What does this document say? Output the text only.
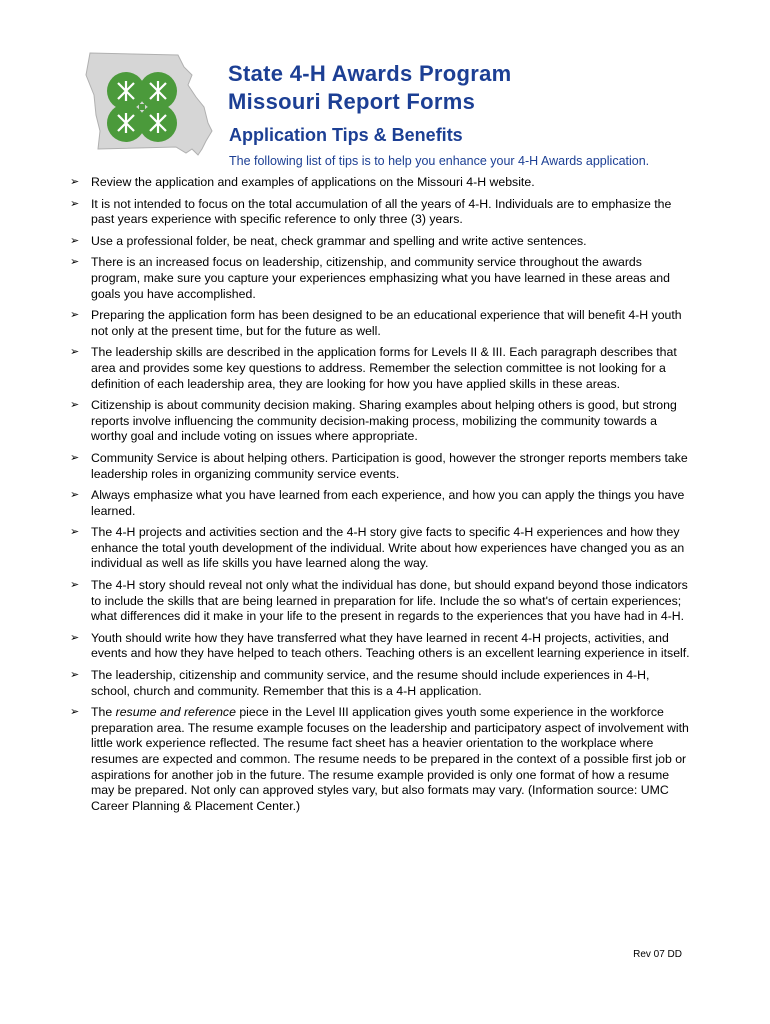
State 4-H Awards Program
Missouri Report Forms
Application Tips & Benefits

The following list of tips is to help you enhance your 4-H Awards application.

➢ Review the application and examples of applications on the Missouri 4-H website.
➢ It is not intended to focus on the total accumulation of all the years of 4-H. Individuals are to emphasize the past years experience with specific reference to only three (3) years.
➢ Use a professional folder, be neat, check grammar and spelling and write active sentences.
➢ There is an increased focus on leadership, citizenship, and community service throughout the awards program, make sure you capture your experiences emphasizing what you have learned in these areas and goals you have accomplished.
➢ Preparing the application form has been designed to be an educational experience that will benefit 4-H youth not only at the present time, but for the future as well.
➢ The leadership skills are described in the application forms for Levels II & III. Each paragraph describes that area and provides some key questions to address. Remember the selection committee is not looking for a definition of each leadership area, they are looking for how you have applied skills in these areas.
➢ Citizenship is about community decision making. Sharing examples about helping others is good, but strong reports involve influencing the community decision-making process, mobilizing the community towards a worthy goal and include voting on issues where appropriate.
➢ Community Service is about helping others. Participation is good, however the stronger reports members take leadership roles in organizing community service events.
➢ Always emphasize what you have learned from each experience, and how you can apply the things you have learned.
➢ The 4-H projects and activities section and the 4-H story give facts to specific 4-H experiences and how they enhance the total youth development of the individual. Write about how experiences have changed you as an individual as well as life skills you have learned along the way.
➢ The 4-H story should reveal not only what the individual has done, but should expand beyond those indicators to include the skills that are being learned in preparation for life. Include the so what's of certain experiences; what differences did it make in your life to the present in regards to the experiences that you have had in 4-H.
➢ Youth should write how they have transferred what they have learned in recent 4-H projects, activities, and events and how they have helped to teach others. Teaching others is an excellent learning experience in itself.
➢ The leadership, citizenship and community service, and the resume should include experiences in 4-H, school, church and community. Remember that this is a 4-H application.
➢ The resume and reference piece in the Level III application gives youth some experience in the workforce preparation area. The resume example focuses on the leadership and participatory aspect of involvement with little work experience reflected. The resume fact sheet has a heavier orientation to the workplace where resumes are expected and common. The resume needs to be prepared in the context of a possible first job or aspirations for another job in the future. The resume example provided is only one format of how a resume may be prepared. Not only can approved styles vary, but also formats may vary. (Information source: UMC Career Planning & Placement Center.)

Rev 07 DD
